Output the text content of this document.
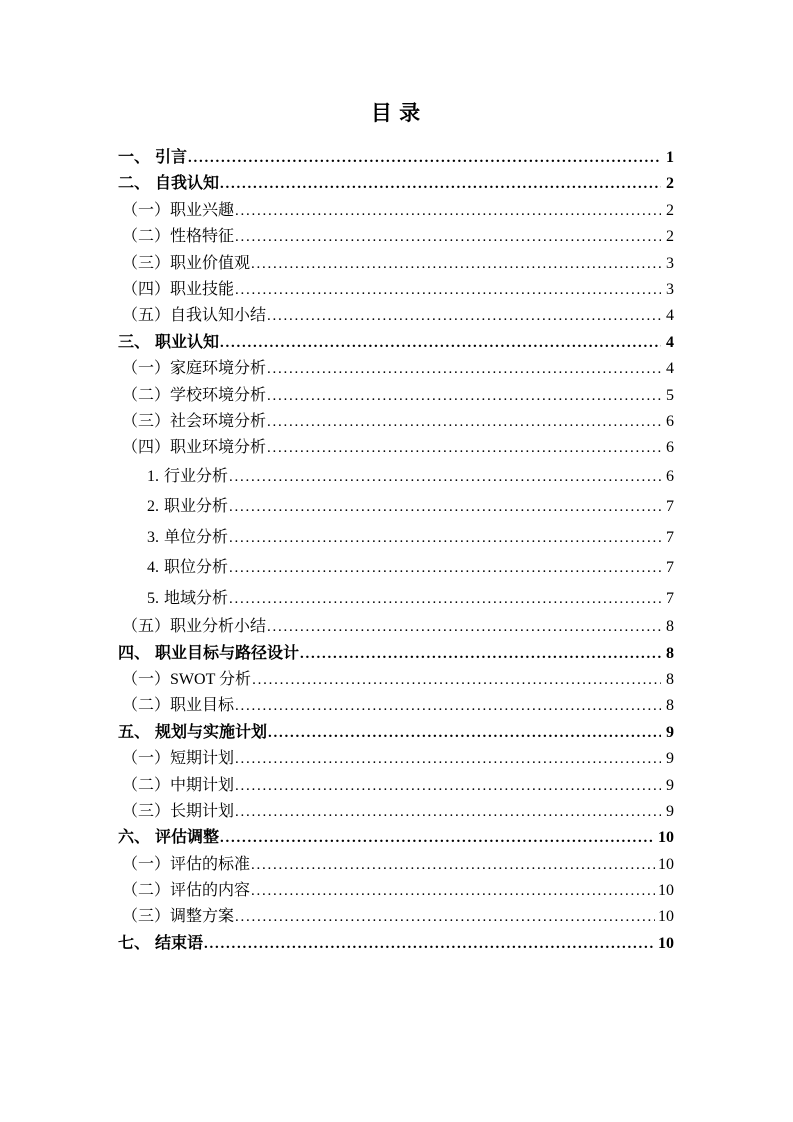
目 录
一、 引言 . . .	1
二、 自我认知 . . .	2
（一） 职业兴趣 . . .	2
（二） 性格特征 . . .	2
（三） 职业价值观 . . .	3
（四） 职业技能 . . .	3
（五） 自我认知小结 . . .	4
三、 职业认知 . . .	4
（一） 家庭环境分析 . . .	4
（二） 学校环境分析 . . .	5
（三） 社会环境分析 . . .	6
（四） 职业环境分析 . . .	6
1. 行业分析 . . .	6
2. 职业分析 . . .	7
3. 单位分析 . . .	7
4. 职位分析 . . .	7
5. 地域分析 . . .	7
（五） 职业分析小结 . . .	8
四、 职业目标与路径设计 . . .	8
（一） SWOT 分析 . . .	8
（二） 职业目标 . . .	8
五、 规划与实施计划 . . .	9
（一） 短期计划 . . .	9
（二） 中期计划 . . .	9
（三） 长期计划 . . .	9
六、 评估调整 . . .	10
（一） 评估的标准 . . .	10
（二） 评估的内容 . . .	10
（三） 调整方案 . . .	10
七、 结束语 . . .	10
